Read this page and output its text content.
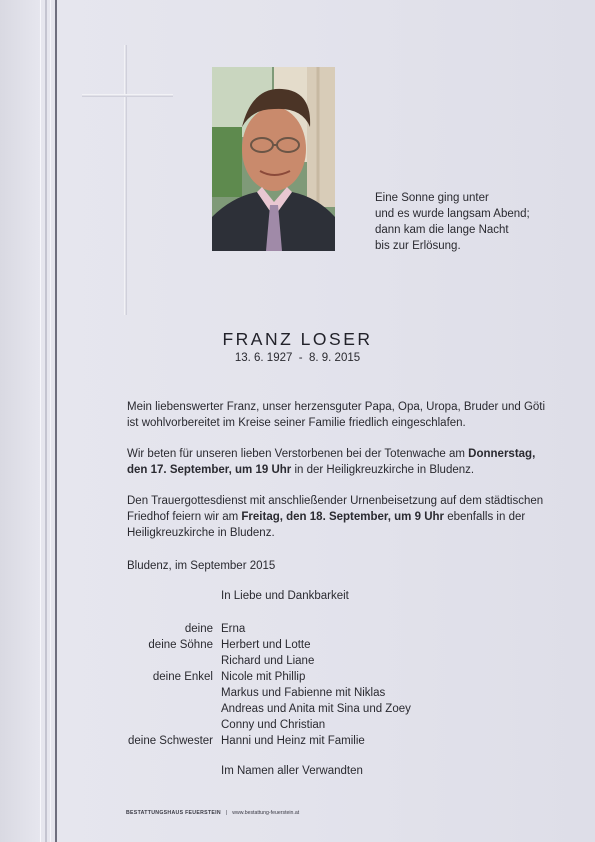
Eine Sonne ging unter
und es wurde langsam Abend;
dann kam die lange Nacht
bis zur Erlösung.
FRANZ LOSER
13. 6. 1927  -  8. 9. 2015
Mein liebenswerter Franz, unser herzensguter Papa, Opa, Uropa, Bruder und Göti ist wohlvorbereitet im Kreise seiner Familie friedlich eingeschlafen.
Wir beten für unseren lieben Verstorbenen bei der Totenwache am Donnerstag, den 17. September, um 19 Uhr in der Heiligkreuzkirche in Bludenz.
Den Trauergottesdienst mit anschließender Urnenbeisetzung auf dem städtischen Friedhof feiern wir am Freitag, den 18. September, um 9 Uhr ebenfalls in der Heiligkreuzkirche in Bludenz.
Bludenz, im September 2015
In Liebe und Dankbarkeit
deine Erna
deine Söhne Herbert und Lotte
Richard und Liane
deine Enkel Nicole mit Phillip
Markus und Fabienne mit Niklas
Andreas und Anita mit Sina und Zoey
Conny und Christian
deine Schwester Hanni und Heinz mit Familie
Im Namen aller Verwandten
BESTATTUNGSHAUS FEUERSTEIN | www.bestattung-feuerstein.at
